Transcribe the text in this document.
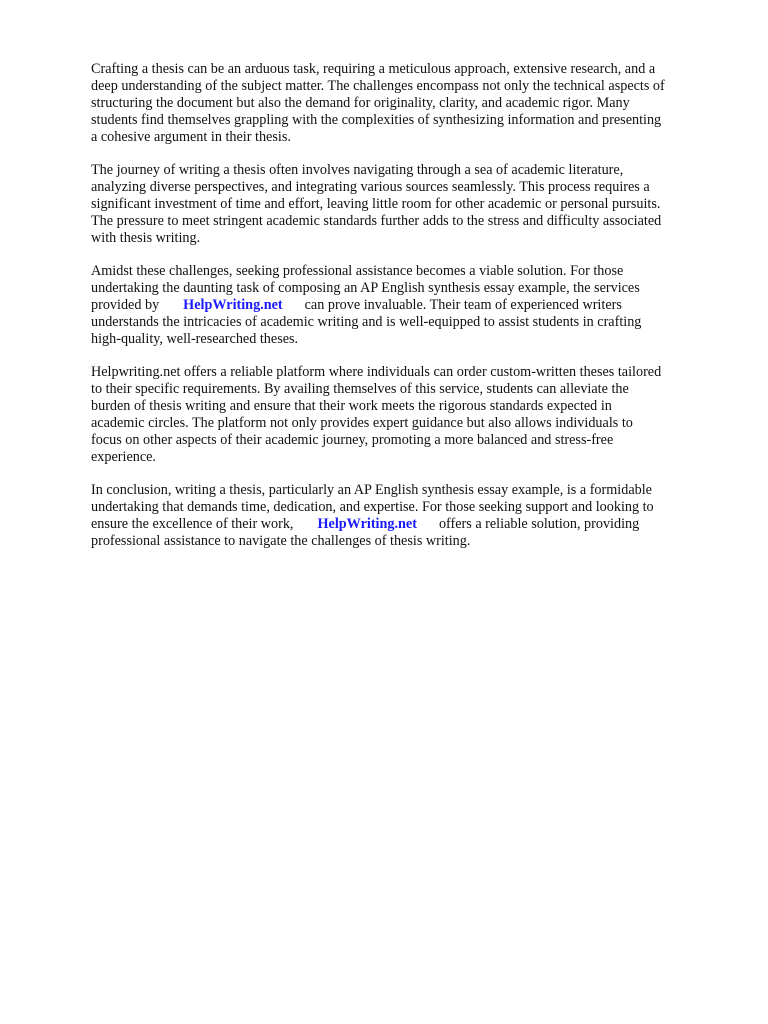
Crafting a thesis can be an arduous task, requiring a meticulous approach, extensive research, and a
deep understanding of the subject matter. The challenges encompass not only the technical aspects of
structuring the document but also the demand for originality, clarity, and academic rigor. Many
students find themselves grappling with the complexities of synthesizing information and presenting
a cohesive argument in their thesis.

The journey of writing a thesis often involves navigating through a sea of academic literature,
analyzing diverse perspectives, and integrating various sources seamlessly. This process requires a
significant investment of time and effort, leaving little room for other academic or personal pursuits.
The pressure to meet stringent academic standards further adds to the stress and difficulty associated
with thesis writing.

Amidst these challenges, seeking professional assistance becomes a viable solution. For those
undertaking the daunting task of composing an AP English synthesis essay example, the services
provided by HelpWriting.net can prove invaluable. Their team of experienced writers
understands the intricacies of academic writing and is well-equipped to assist students in crafting
high-quality, well-researched theses.

Helpwriting.net offers a reliable platform where individuals can order custom-written theses tailored
to their specific requirements. By availing themselves of this service, students can alleviate the
burden of thesis writing and ensure that their work meets the rigorous standards expected in
academic circles. The platform not only provides expert guidance but also allows individuals to
focus on other aspects of their academic journey, promoting a more balanced and stress-free
experience.

In conclusion, writing a thesis, particularly an AP English synthesis essay example, is a formidable
undertaking that demands time, dedication, and expertise. For those seeking support and looking to
ensure the excellence of their work, HelpWriting.net offers a reliable solution, providing
professional assistance to navigate the challenges of thesis writing.
